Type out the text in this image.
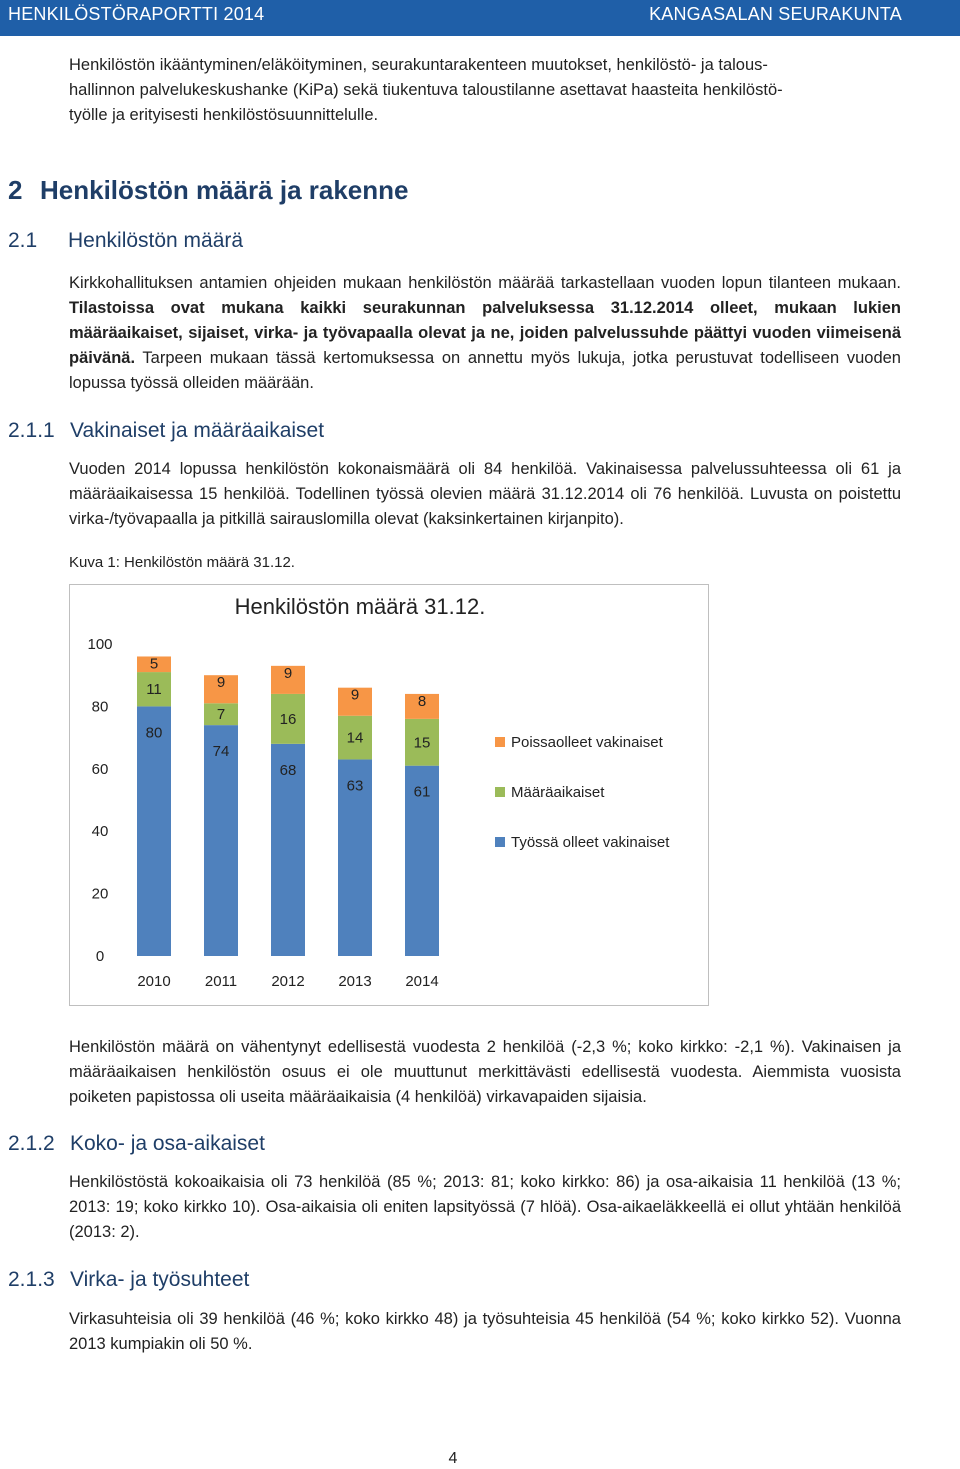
HENKILÖSTÖRAPORTTI 2014	KANGASALAN SEURAKUNTA
Henkilöstön ikääntyminen/eläköityminen, seurakuntarakenteen muutokset, henkilöstö- ja talous-
hallinnon palvelukeskushanke (KiPa) sekä tiukentuva taloustilanne asettavat haasteita henkilöstö-
työlle ja erityisesti henkilöstösuunnittelulle.
2 Henkilöstön määrä ja rakenne
2.1 Henkilöstön määrä
Kirkkohallituksen antamien ohjeiden mukaan henkilöstön määrää tarkastellaan vuoden lopun tilanteen mukaan. Tilastoissa ovat mukana kaikki seurakunnan palveluksessa 31.12.2014 olleet, mukaan lukien määräaikaiset, sijaiset, virka- ja työvapaalla olevat ja ne, joiden palvelussuhde päättyi vuoden viimeisenä päivänä. Tarpeen mukaan tässä kertomuksessa on annettu myös lukuja, jotka perustuvat todelliseen vuoden lopussa työssä olleiden määrään.
2.1.1 Vakinaiset ja määräaikaiset
Vuoden 2014 lopussa henkilöstön kokonaismäärä oli 84 henkilöä. Vakinaisessa palvelussuhteessa oli 61 ja määräaikaisessa 15 henkilöä. Todellinen työssä olevien määrä 31.12.2014 oli 76 henkilöä. Luvusta on poistettu virka-/työvapaalla ja pitkillä sairauslomilla olevat (kaksinkertainen kirjanpito).
Kuva 1: Henkilöstön määrä 31.12.
Henkilöstön määrä 31.12.
0
20
40
60
80
100
80
11
5
2010
74
7
9
2011
68
16
9
2012
63
14
9
2013
61
15
8
2014
Poissaolleet vakinaiset
Määräaikaiset
Työssä olleet vakinaiset
Henkilöstön määrä on vähentynyt edellisestä vuodesta 2 henkilöä (-2,3 %; koko kirkko: -2,1 %). Vakinaisen ja määräaikaisen henkilöstön osuus ei ole muuttunut merkittävästi edellisestä vuodesta. Aiemmista vuosista poiketen papistossa oli useita määräaikaisia (4 henkilöä) virkavapaiden sijaisia.
2.1.2 Koko- ja osa-aikaiset
Henkilöstöstä kokoaikaisia oli 73 henkilöä (85 %; 2013: 81; koko kirkko: 86) ja osa-aikaisia 11 henkilöä (13 %; 2013: 19; koko kirkko 10). Osa-aikaisia oli eniten lapsityössä (7 hlöä). Osa-aikaeläkkeellä ei ollut yhtään henkilöä (2013: 2).
2.1.3 Virka- ja työsuhteet
Virkasuhteisia oli 39 henkilöä (46 %; koko kirkko 48) ja työsuhteisia 45 henkilöä (54 %; koko kirkko 52). Vuonna 2013 kumpiakin oli 50 %.
4
